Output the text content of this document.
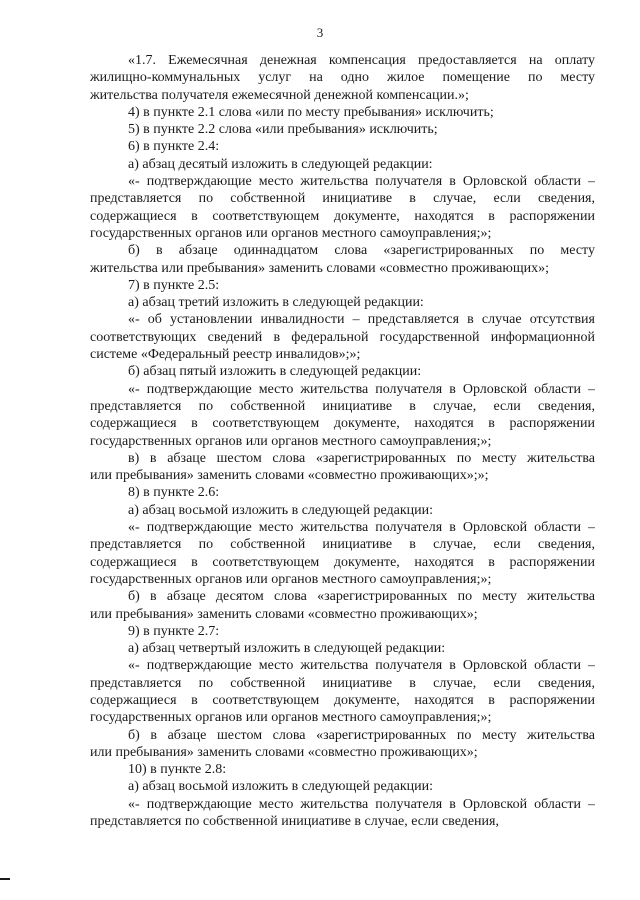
3
«1.7. Ежемесячная денежная компенсация предоставляется на оплату
жилищно-коммунальных услуг на одно жилое помещение по месту
жительства получателя ежемесячной денежной компенсации.»;
4) в пункте 2.1 слова «или по месту пребывания» исключить;
5) в пункте 2.2 слова «или пребывания» исключить;
6) в пункте 2.4:
а) абзац десятый изложить в следующей редакции:
«- подтверждающие место жительства получателя в Орловской области –
представляется по собственной инициативе в случае, если сведения,
содержащиеся в соответствующем документе, находятся в распоряжении
государственных органов или органов местного самоуправления;»;
б) в абзаце одиннадцатом слова «зарегистрированных по месту
жительства или пребывания» заменить словами «совместно проживающих»;
7) в пункте 2.5:
а) абзац третий изложить в следующей редакции:
«- об установлении инвалидности – представляется в случае отсутствия
соответствующих сведений в федеральной государственной информационной
системе «Федеральный реестр инвалидов»;»;
б) абзац пятый изложить в следующей редакции:
«- подтверждающие место жительства получателя в Орловской области –
представляется по собственной инициативе в случае, если сведения,
содержащиеся в соответствующем документе, находятся в распоряжении
государственных органов или органов местного самоуправления;»;
в) в абзаце шестом слова «зарегистрированных по месту жительства
или пребывания» заменить словами «совместно проживающих»;»;
8) в пункте 2.6:
а) абзац восьмой изложить в следующей редакции:
«- подтверждающие место жительства получателя в Орловской области –
представляется по собственной инициативе в случае, если сведения,
содержащиеся в соответствующем документе, находятся в распоряжении
государственных органов или органов местного самоуправления;»;
б) в абзаце десятом слова «зарегистрированных по месту жительства
или пребывания» заменить словами «совместно проживающих»;
9) в пункте 2.7:
а) абзац четвертый изложить в следующей редакции:
«- подтверждающие место жительства получателя в Орловской области –
представляется по собственной инициативе в случае, если сведения,
содержащиеся в соответствующем документе, находятся в распоряжении
государственных органов или органов местного самоуправления;»;
б) в абзаце шестом слова «зарегистрированных по месту жительства
или пребывания» заменить словами «совместно проживающих»;
10) в пункте 2.8:
а) абзац восьмой изложить в следующей редакции:
«- подтверждающие место жительства получателя в Орловской области –
представляется по собственной инициативе в случае, если сведения,
